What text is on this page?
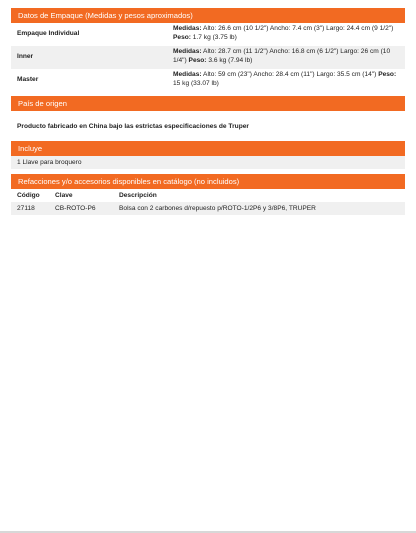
Datos de Empaque (Medidas y pesos aproximados)
Empaque Individual
Medidas: Alto: 26.6 cm (10 1/2") Ancho: 7.4 cm (3") Largo: 24.4 cm (9 1/2") Peso: 1.7 kg (3.75 lb)
Inner
Medidas: Alto: 28.7 cm (11 1/2") Ancho: 16.8 cm (6 1/2") Largo: 26 cm (10 1/4") Peso: 3.6 kg (7.94 lb)
Master
Medidas: Alto: 59 cm (23") Ancho: 28.4 cm (11") Largo: 35.5 cm (14") Peso: 15 kg (33.07 lb)
País de origen
Producto fabricado en China bajo las estrictas especificaciones de Truper
Incluye
1 Llave para broquero
Refacciones y/o accesorios disponibles en catálogo (no incluidos)
Código	Clave	Descripción
27118	CB-ROTO-P6	Bolsa con 2 carbones d/repuesto p/ROTO-1/2P6 y 3/8P6, TRUPER
